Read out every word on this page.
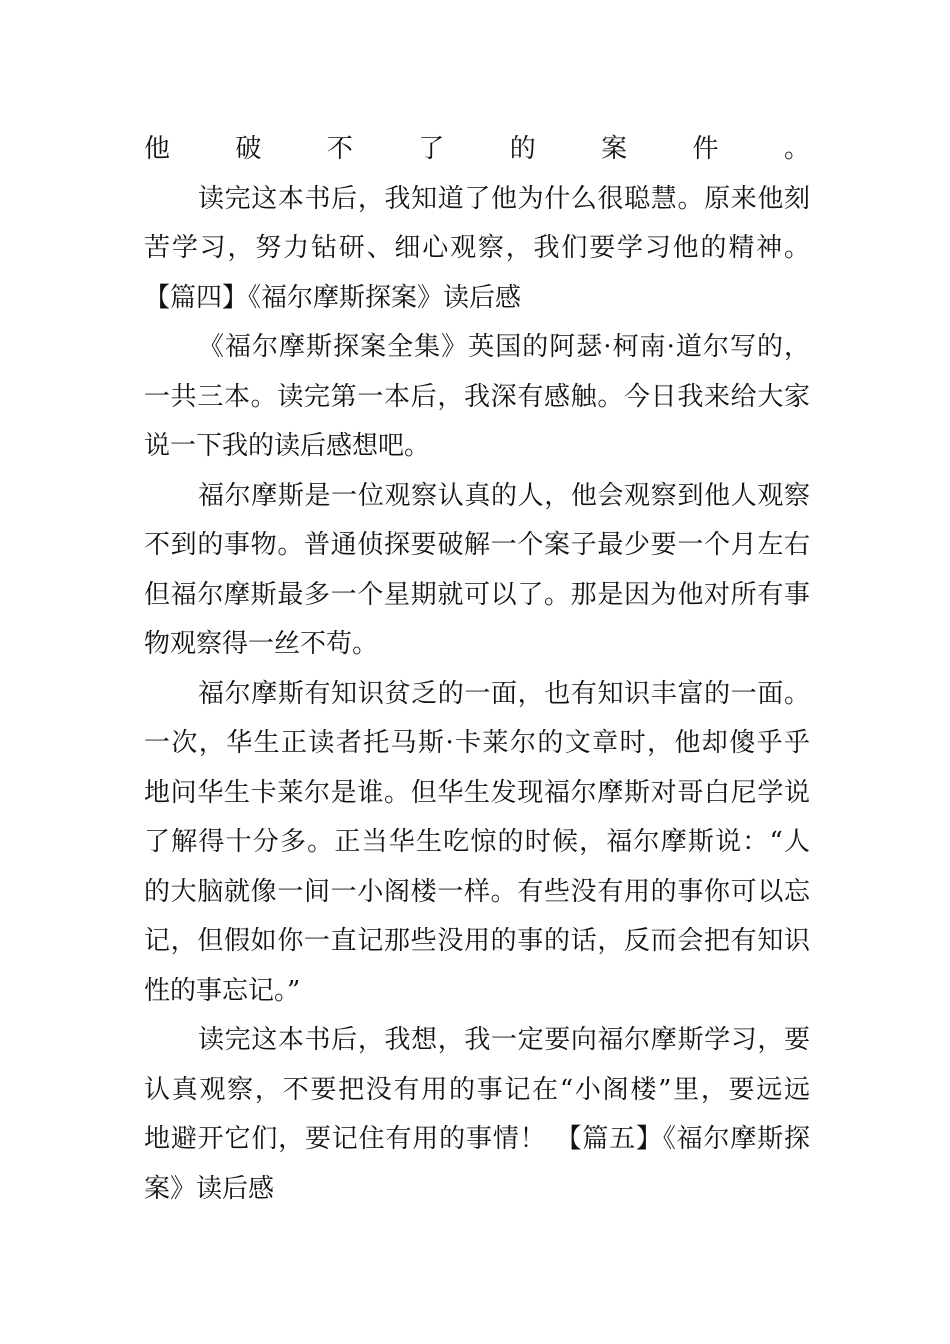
他破不了的案件。
读完这本书后，我知道了他为什么很聪慧。原来他刻
苦学习，努力钻研、细心观察，我们要学习他的精神。
【篇四】《福尔摩斯探案》读后感
《福尔摩斯探案全集》英国的阿瑟·柯南·道尔写的，
一共三本。读完第一本后，我深有感触。今日我来给大家
说一下我的读后感想吧。
福尔摩斯是一位观察认真的人，他会观察到他人观察
不到的事物。普通侦探要破解一个案子最少要一个月左右
但福尔摩斯最多一个星期就可以了。那是因为他对所有事
物观察得一丝不苟。
福尔摩斯有知识贫乏的一面，也有知识丰富的一面。
一次，华生正读者托马斯·卡莱尔的文章时，他却傻乎乎
地问华生卡莱尔是谁。但华生发现福尔摩斯对哥白尼学说
了解得十分多。正当华生吃惊的时候，福尔摩斯说：“人
的大脑就像一间一小阁楼一样。有些没有用的事你可以忘
记，但假如你一直记那些没用的事的话，反而会把有知识
性的事忘记。”
读完这本书后，我想，我一定要向福尔摩斯学习，要
认真观察，不要把没有用的事记在“小阁楼”里，要远远
地避开它们，要记住有用的事情！ 【篇五】《福尔摩斯探
案》读后感
